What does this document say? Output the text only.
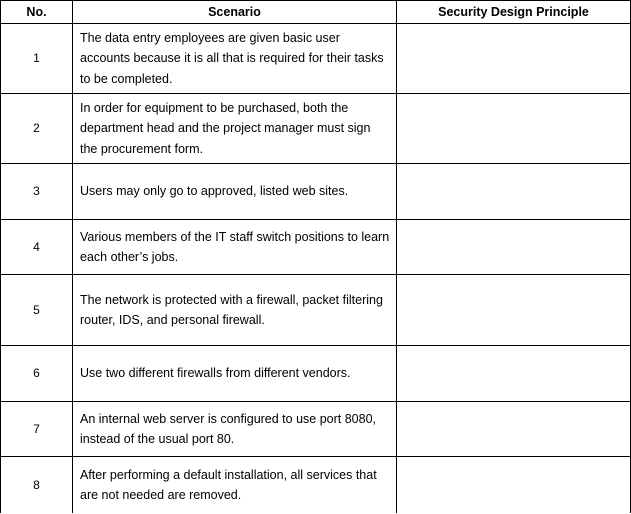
No.	Scenario	Security Design Principle
1	The data entry employees are given basic user accounts because it is all that is required for their tasks to be completed.	
2	In order for equipment to be purchased, both the department head and the project manager must sign the procurement form.	
3	Users may only go to approved, listed web sites.	
4	Various members of the IT staff switch positions to learn each other’s jobs.	
5	The network is protected with a firewall, packet filtering router, IDS, and personal firewall.	
6	Use two different firewalls from different vendors.	
7	An internal web server is configured to use port 8080, instead of the usual port 80.	
8	After performing a default installation, all services that are not needed are removed.	
